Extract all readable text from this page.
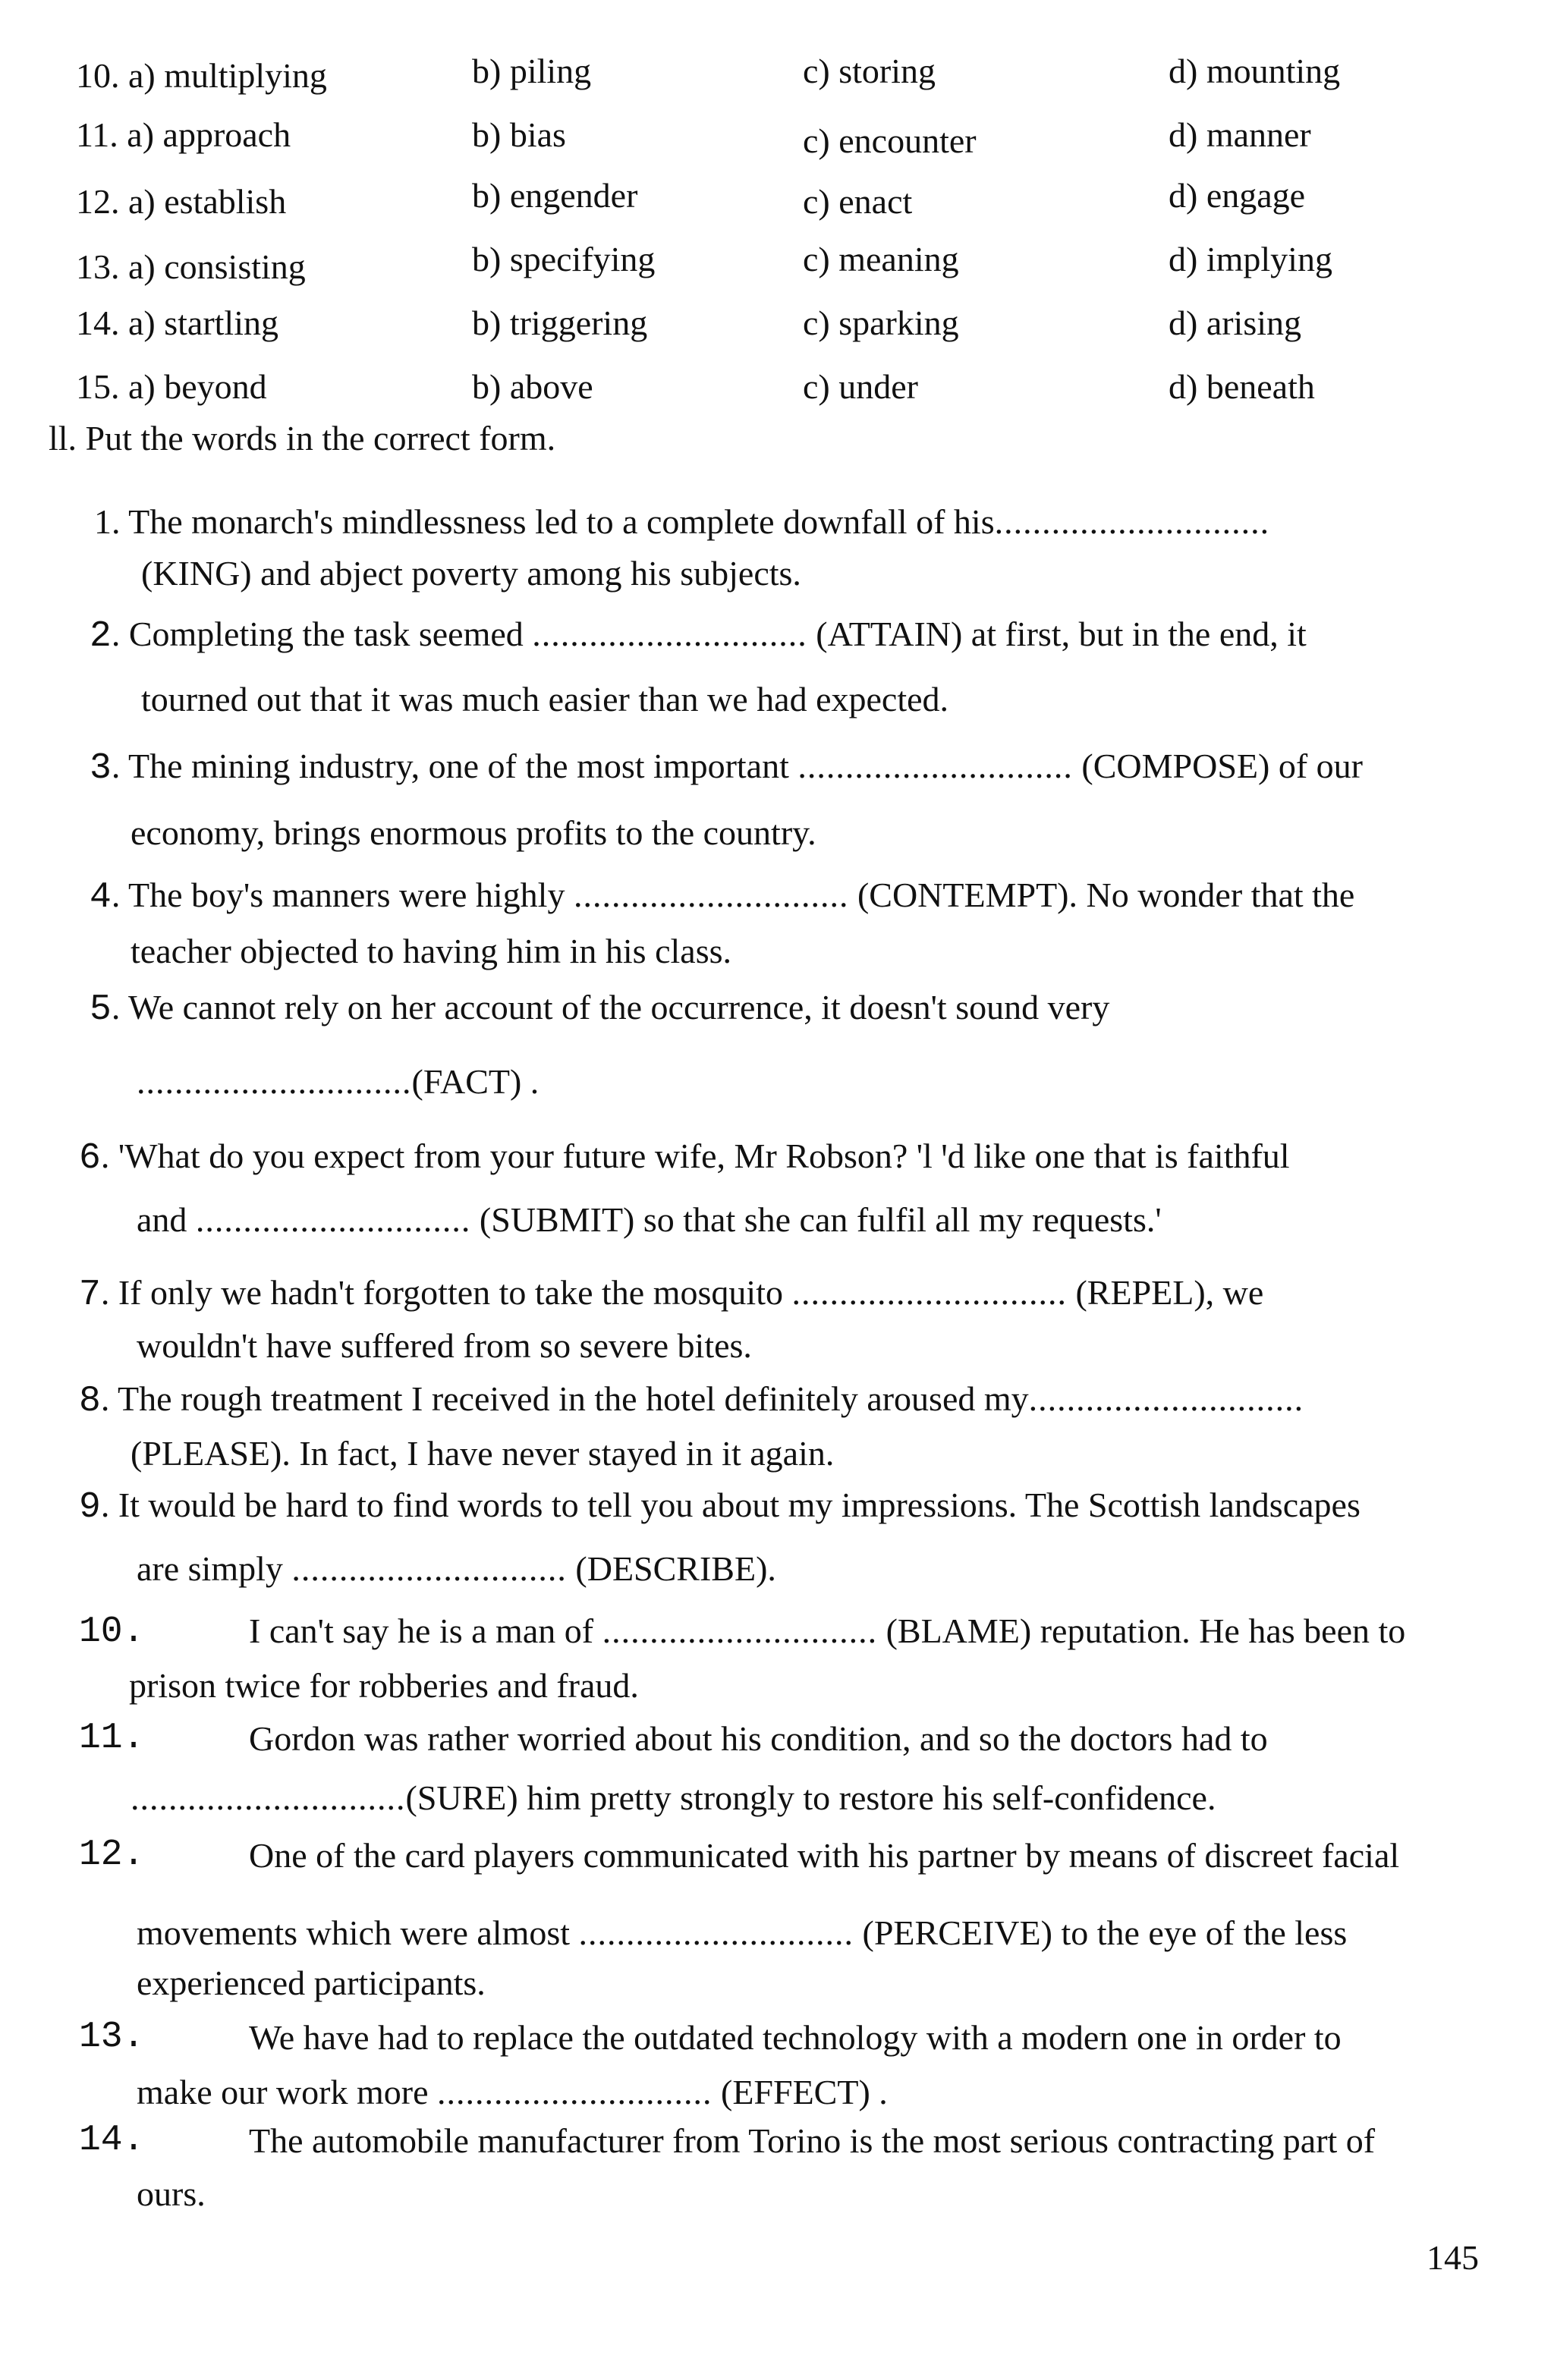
10. a) multiplying	b) piling	c) storing	d) mounting
11. a) approach	b) bias	c) encounter	d) manner
12. a) establish	b) engender	c) enact	d) engage
13. a) consisting	b) specifying	c) meaning	d) implying
14. a) startling	b) triggering	c) sparking	d) arising
15. a) beyond	b) above	c) under	d) beneath
ll. Put the words in the correct form.
1. The monarch's mindlessness led to a complete downfall of his.............................
(KING) and abject poverty among his subjects.
2. Completing the task seemed ............................. (ATTAIN) at first, but in the end, it
tourned out that it was much easier than we had expected.
3. The mining industry, one of the most important ............................. (COMPOSE) of our
economy, brings enormous profits to the country.
4. The boy's manners were highly ............................. (CONTEMPT). No wonder that the
teacher objected to having him in his class.
5. We cannot rely on her account of the occurrence, it doesn't sound very
.............................(FACT) .
6. 'What do you expect from your future wife, Mr Robson? 'l ꞌd like one that is faithful
and ............................. (SUBMIT) so that she can fulfil all my requests.'
7. If only we hadn't forgotten to take the mosquito ............................. (REPEL), we
wouldn't have suffered from so severe bites.
8. The rough treatment I received in the hotel definitely aroused my.............................
(PLEASE). In fact, I have never stayed in it again.
9. It would be hard to find words to tell you about my impressions. The Scottish landscapes
are simply ............................. (DESCRIBE).
10.	I can't say he is a man of ............................. (BLAME) reputation. He has been to
prison twice for robberies and fraud.
11.	Gordon was rather worried about his condition, and so the doctors had to
.............................(SURE) him pretty strongly to restore his self-confidence.
12.	One of the card players communicated with his partner by means of discreet facial
movements which were almost ............................. (PERCEIVE) to the eye of the less
experienced participants.
13.	We have had to replace the outdated technology with a modern one in order to
make our work more ............................. (EFFECT) .
14.	The automobile manufacturer from Torino is the most serious contracting part of
ours.
145
